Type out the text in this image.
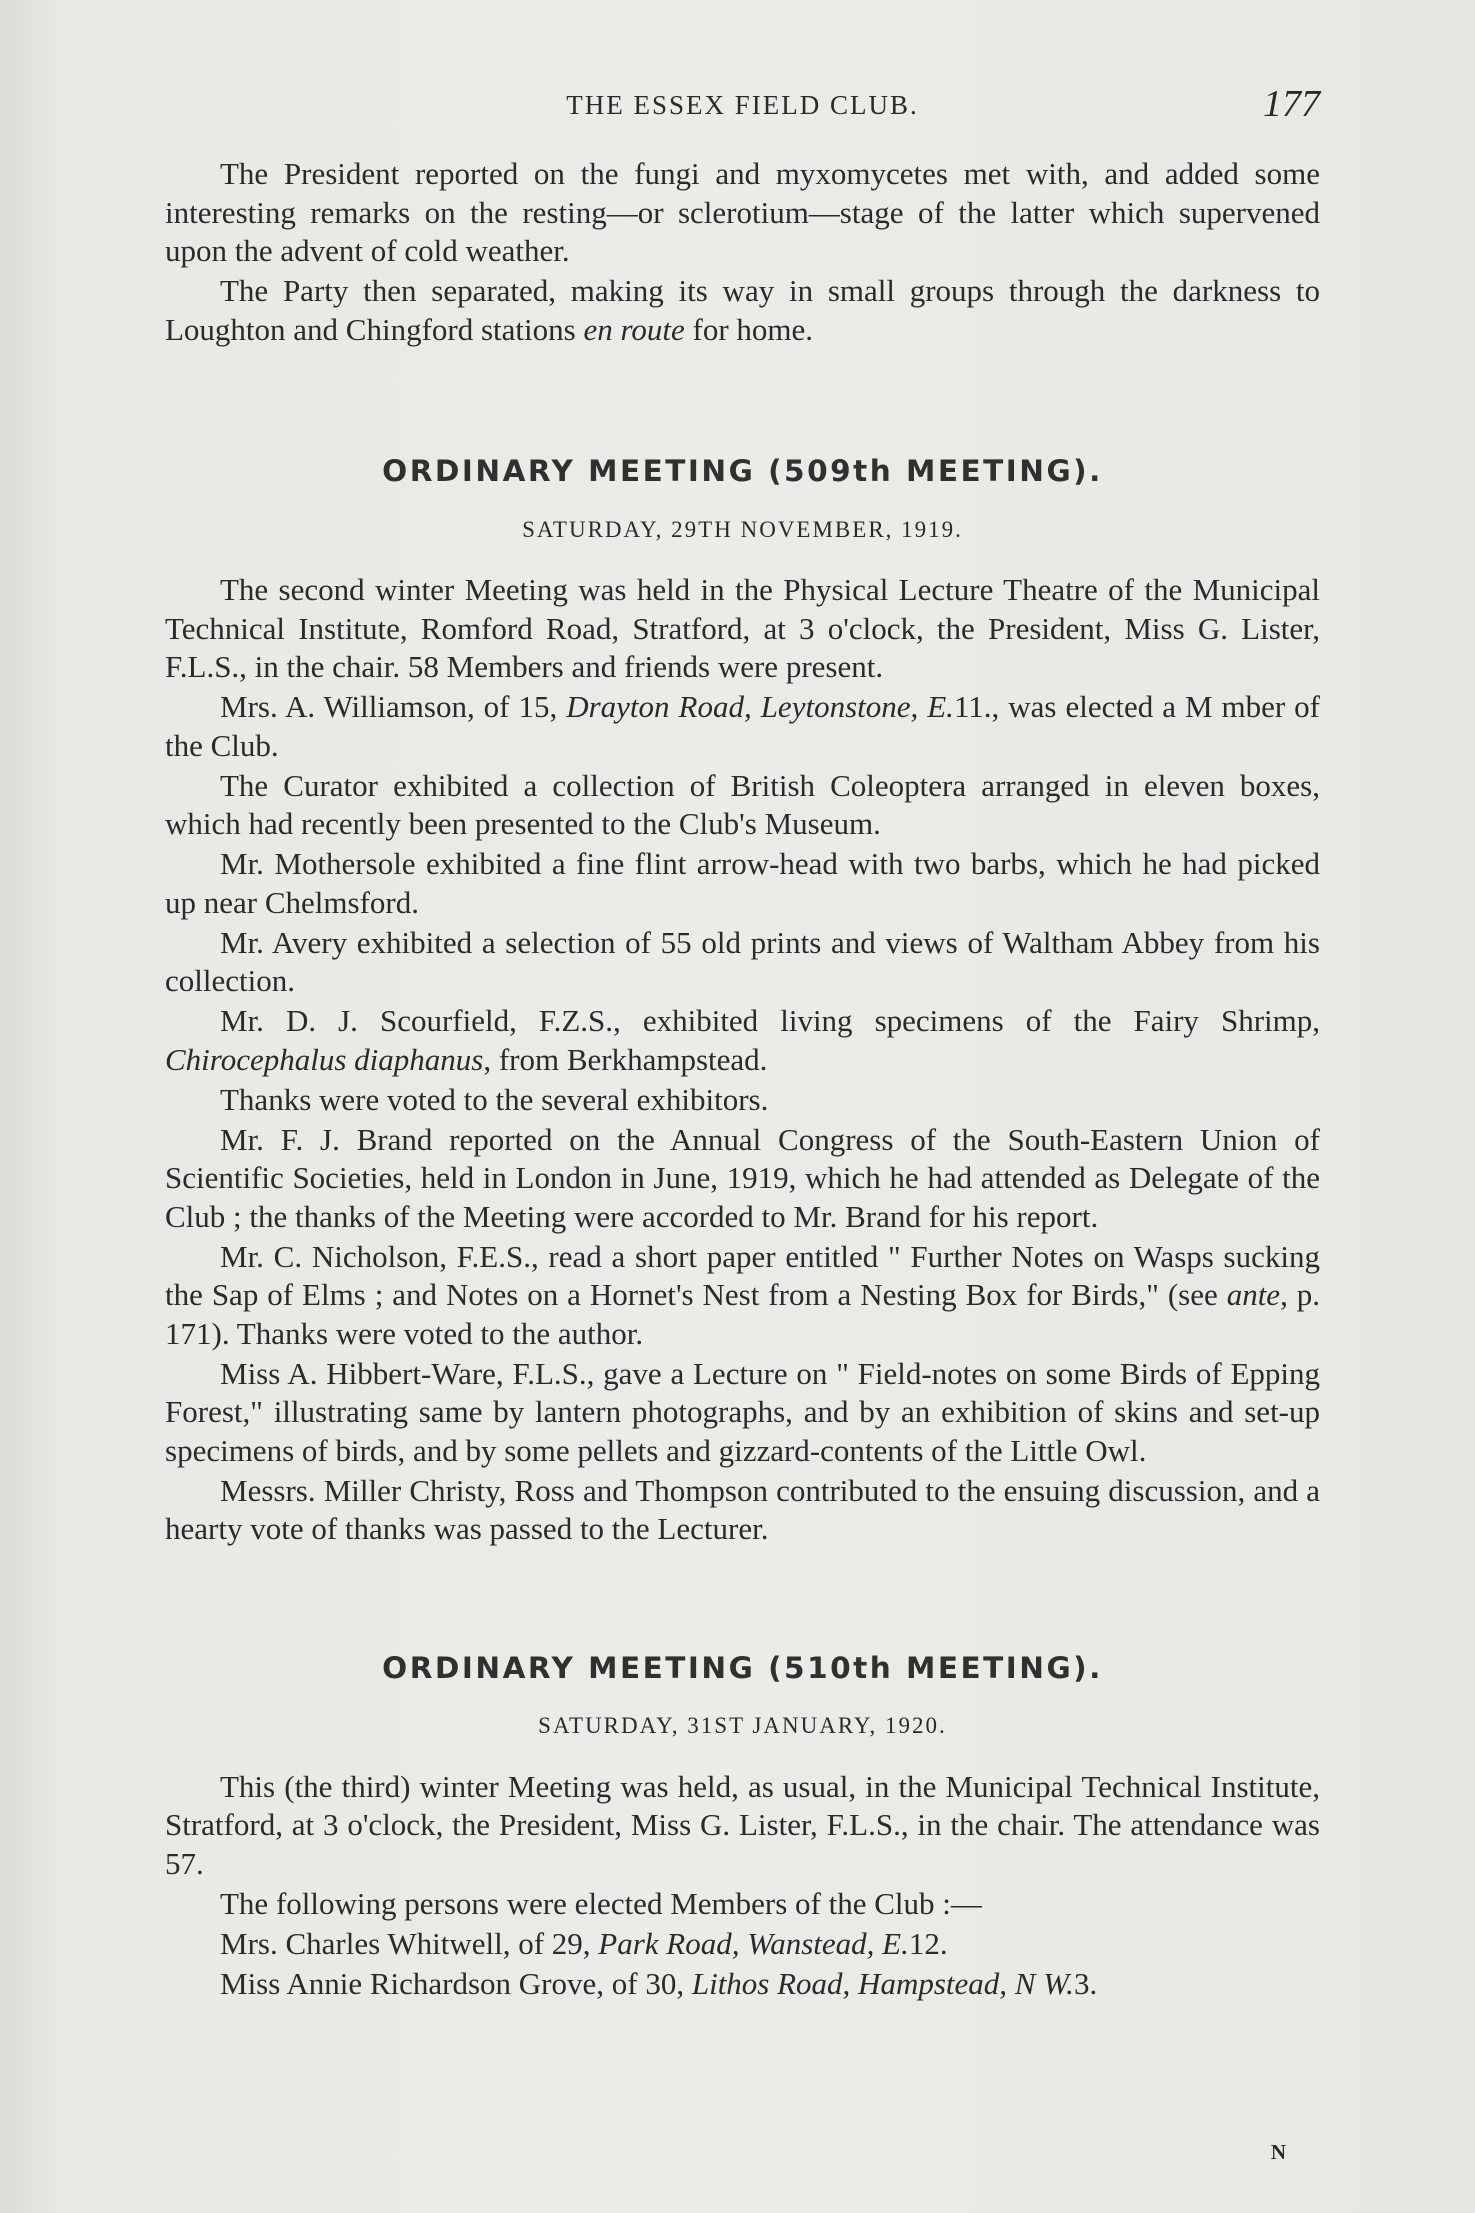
THE ESSEX FIELD CLUB.	177

The President reported on the fungi and myxomycetes met with, and added some interesting remarks on the resting—or sclerotium—stage of the latter which supervened upon the advent of cold weather.

The Party then separated, making its way in small groups through the darkness to Loughton and Chingford stations en route for home.

ORDINARY MEETING (509th MEETING).
SATURDAY, 29TH NOVEMBER, 1919.

The second winter Meeting was held in the Physical Lecture Theatre of the Municipal Technical Institute, Romford Road, Stratford, at 3 o'clock, the President, Miss G. Lister, F.L.S., in the chair. 58 Members and friends were present.

Mrs. A. Williamson, of 15, Drayton Road, Leytonstone, E.11., was elected a M mber of the Club.

The Curator exhibited a collection of British Coleoptera arranged in eleven boxes, which had recently been presented to the Club's Museum.

Mr. Mothersole exhibited a fine flint arrow-head with two barbs, which he had picked up near Chelmsford.

Mr. Avery exhibited a selection of 55 old prints and views of Waltham Abbey from his collection.

Mr. D. J. Scourfield, F.Z.S., exhibited living specimens of the Fairy Shrimp, Chirocephalus diaphanus, from Berkhampstead.

Thanks were voted to the several exhibitors.

Mr. F. J. Brand reported on the Annual Congress of the South-Eastern Union of Scientific Societies, held in London in June, 1919, which he had attended as Delegate of the Club ; the thanks of the Meeting were accorded to Mr. Brand for his report.

Mr. C. Nicholson, F.E.S., read a short paper entitled " Further Notes on Wasps sucking the Sap of Elms ; and Notes on a Hornet's Nest from a Nesting Box for Birds," (see ante, p. 171). Thanks were voted to the author.

Miss A. Hibbert-Ware, F.L.S., gave a Lecture on " Field-notes on some Birds of Epping Forest," illustrating same by lantern photographs, and by an exhibition of skins and set-up specimens of birds, and by some pellets and gizzard-contents of the Little Owl.

Messrs. Miller Christy, Ross and Thompson contributed to the ensuing discussion, and a hearty vote of thanks was passed to the Lecturer.

ORDINARY MEETING (510th MEETING).
SATURDAY, 31ST JANUARY, 1920.

This (the third) winter Meeting was held, as usual, in the Municipal Technical Institute, Stratford, at 3 o'clock, the President, Miss G. Lister, F.L.S., in the chair. The attendance was 57.

The following persons were elected Members of the Club :—

Mrs. Charles Whitwell, of 29, Park Road, Wanstead, E.12.

Miss Annie Richardson Grove, of 30, Lithos Road, Hampstead, N W.3.

N
